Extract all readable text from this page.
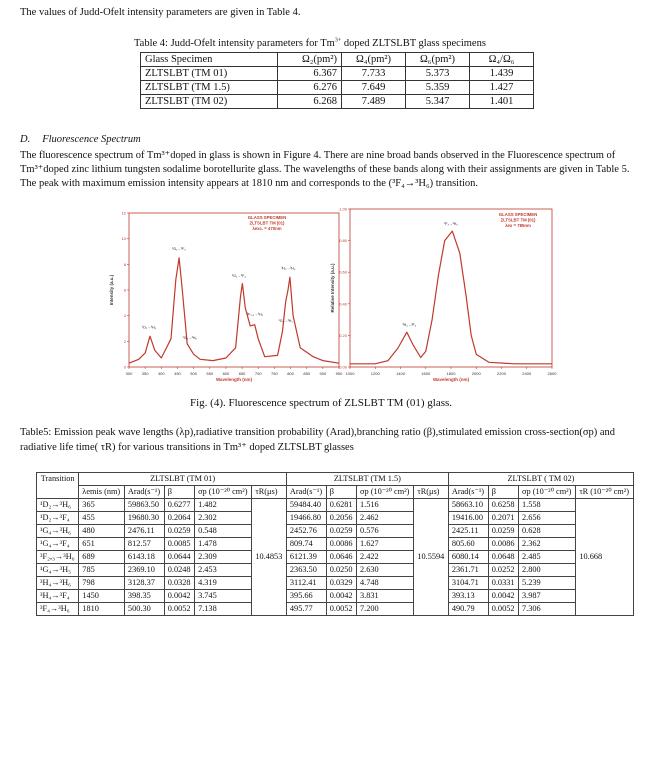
The values of Judd-Ofelt intensity parameters are given in Table 4.
Table 4: Judd-Ofelt intensity parameters for $Tm^{3+}$ doped ZLTSLBT glass specimens
Glass Specimen	Ω₂(pm²)	Ω₄(pm²)	Ω₆(pm²)	Ω₄/Ω₆
ZLTSLBT (TM 01)	6.367	7.733	5.373	1.439
ZLTSLBT (TM 1.5)	6.276	7.649	5.359	1.427
ZLTSLBT (TM 02)	6.268	7.489	5.347	1.401
D. Fluorescence Spectrum
The fluorescence spectrum of Tm³⁺doped in glass is shown in Figure 4. There are nine broad bands observed in the Fluorescence spectrum of Tm³⁺doped zinc lithium tungsten sodalime borotellurite glass. The wavelengths of these bands along with their assignments are given in Table 5. The peak with maximum emission intensity appears at 1810 nm and corresponds to the (³F₄→³H₆) transition.
300 350 400 450 500 550 600 650 700 750 800 850 900 950
0
2
4
6
8
10
12
Wavelength (nm)
Intensity (a.u.)
GLASS SPECIMEN
ZLTSLBT TM (01)
λexc. = 470nm
¹D₂→³H₆
¹D₂→³F₄
¹G₄→³H₆
¹G₄→³F₄
³F₂,₃→³H₆
¹G₄→³H₅
³H₄→³H₆
1000	1200	1400	1600	1800	2000	2200	2400	2600
0.00
0.20
0.40
0.60
0.80
1.00
Wavelength (nm)
Relative Intensity (a.u.)
GLASS SPECIMEN
ZLTSLBT TM (01)
λex = 785nm
³F₄→³H₆
³H₄→³F₄
Fig. (4). Fluorescence spectrum of ZLSLBT TM (01) glass.
Table5: Emission peak wave lengths (λp),radiative transition probability (Arad),branching ratio (β),stimulated emission cross-section(σp) and radiative life time( τR) for various transitions in Tm³⁺ doped ZLTSLBT glasses
Transition	ZLTSLBT (TM 01)					ZLTSLBT (TM 1.5)				ZLTSLBT ( TM 02)			
	λemis (nm)	Arad(s⁻¹)	β	σp (10⁻²⁰ cm²)	τR(μs)	Arad(s⁻¹)	β	σp (10⁻²⁰ cm²)	τR(μs)	Arad(s⁻¹)	β	σp (10⁻²⁰ cm²)	τR (10⁻²⁰ cm²)
¹D₂→³H₆	365	59863.50	0.6277	1.482	10.4853	59484.40	0.6281	1.516	10.5594	58663.10	0.6258	1.558	10.668
¹D₂→³F₄	455	19680.30	0.2064	2.302		19466.80	0.2056	2.462		19416.00	0.2071	2.656	
¹G₄→³H₆	480	2476.11	0.0259	0.548		2452.76	0.0259	0.576		2425.11	0.0259	0.628	
¹G₄→³F₄	651	812.57	0.0085	1.478		809.74	0.0086	1.627		805.60	0.0086	2.362	
³F₂,₃→³H₆	689	6143.18	0.0644	2.309		6121.39	0.0646	2.422		6080.14	0.0648	2.485	
¹G₄→³H₅	785	2369.10	0.0248	2.453		2363.50	0.0250	2.630		2361.71	0.0252	2.800	
³H₄→³H₆	798	3128.37	0.0328	4.319		3112.41	0.0329	4.748		3104.71	0.0331	5.239	
³H₄→³F₄	1450	398.35	0.0042	3.745		395.66	0.0042	3.831		393.13	0.0042	3.987	
³F₄→³H₆	1810	500.30	0.0052	7.138		495.77	0.0052	7.200		490.79	0.0052	7.306	
